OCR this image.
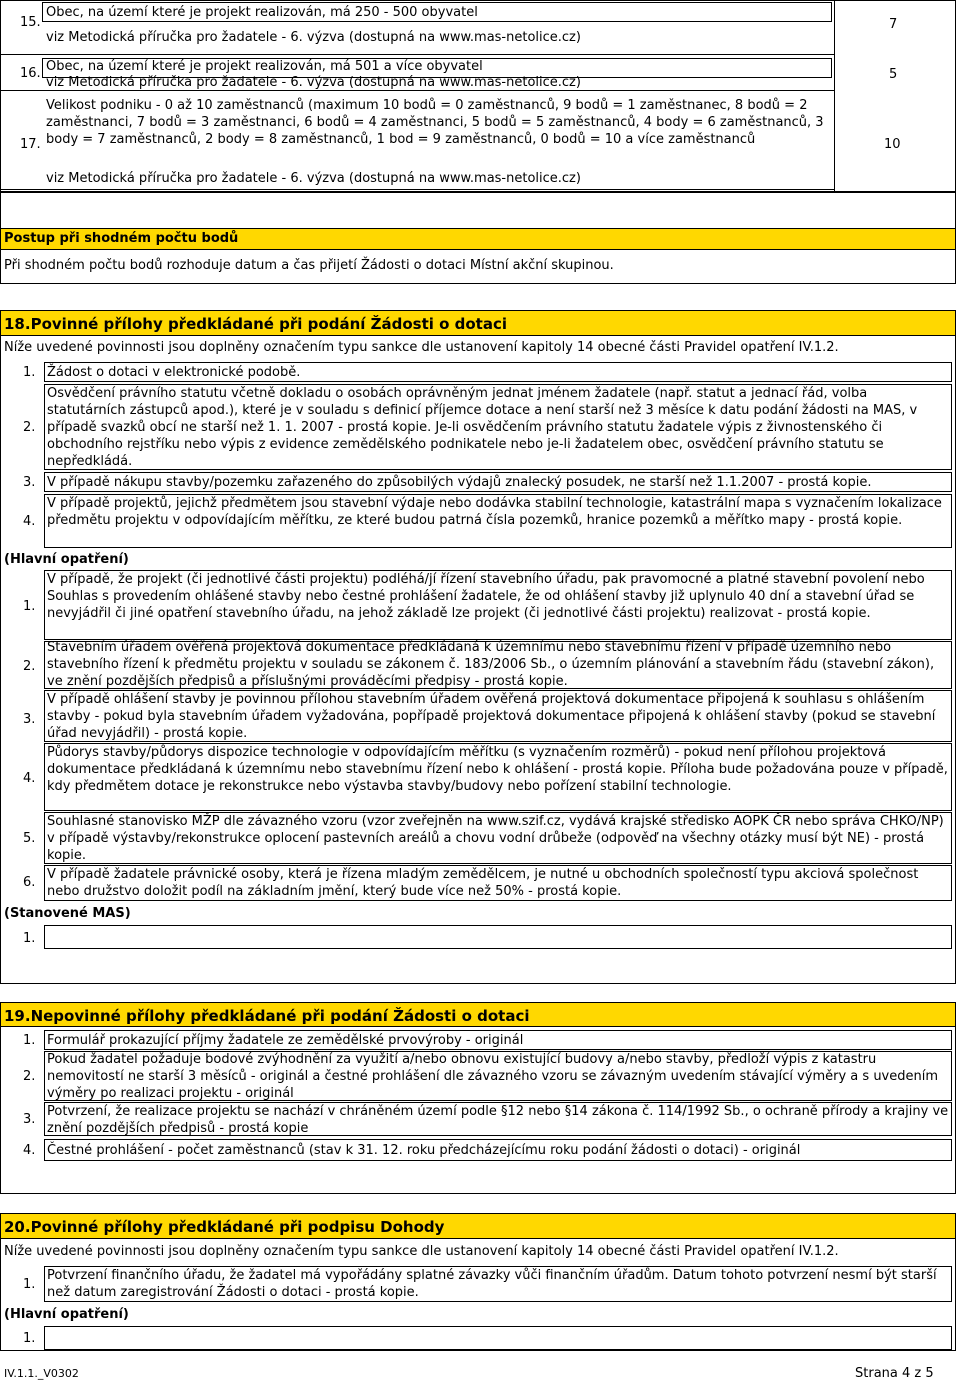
15.
Obec, na území které je projekt realizován, má 250 - 500 obyvatel
viz Metodická příručka pro žadatele - 6. výzva (dostupná na www.mas-netolice.cz)
7
16. Obec, na území které je projekt realizován, má 501 a více obyvatel
viz Metodická příručka pro žadatele - 6. výzva (dostupná na www.mas-netolice.cz)
5
17.
Velikost podniku - 0 až 10 zaměstnanců (maximum 10 bodů = 0 zaměstnanců, 9 bodů = 1 zaměstnanec, 8 bodů = 2 zaměstnanci, 7 bodů = 3 zaměstnanci, 6 bodů = 4 zaměstnanci, 5 bodů = 5 zaměstnanců, 4 body = 6 zaměstnanců, 3 body = 7 zaměstnanců, 2 body = 8 zaměstnanců, 1 bod = 9 zaměstnanců, 0 bodů = 10 a více zaměstnanců
viz Metodická příručka pro žadatele - 6. výzva (dostupná na www.mas-netolice.cz)
10
Postup při shodném počtu bodů
Při shodném počtu bodů rozhoduje datum a čas přijetí Žádosti o dotaci Místní akční skupinou.
18.Povinné přílohy předkládané při podání Žádosti o dotaci
Níže uvedené povinnosti jsou doplněny označením typu sankce dle ustanovení kapitoly 14 obecné části Pravidel opatření IV.1.2.
1. Žádost o dotaci v elektronické podobě.
2.
Osvědčení právního statutu včetně dokladu o osobách oprávněným jednat jménem žadatele (např. statut a jednací řád, volba statutárních zástupců apod.), které je v souladu s definicí příjemce dotace a není starší než 3 měsíce k datu podání žádosti na MAS, v případě svazků obcí ne starší než 1. 1. 2007 - prostá kopie. Je-li osvědčením právního statutu žadatele výpis z živnostenského či obchodního rejstříku nebo výpis z evidence zemědělského podnikatele nebo je-li žadatelem obec, osvědčení právního statutu se nepředkládá.
3. V případě nákupu stavby/pozemku zařazeného do způsobilých výdajů znalecký posudek, ne starší než 1.1.2007 - prostá kopie.
4.
V případě projektů, jejichž předmětem jsou stavební výdaje nebo dodávka stabilní technologie, katastrální mapa s vyznačením lokalizace předmětu projektu v odpovídajícím měřítku, ze které budou patrná čísla pozemků, hranice pozemků a měřítko mapy - prostá kopie.
(Hlavní opatření)
1.
V případě, že projekt (či jednotlivé části projektu) podléhá/jí řízení stavebního úřadu, pak pravomocné a platné stavební povolení nebo Souhlas s provedením ohlášené stavby nebo čestné prohlášení žadatele, že od ohlášení stavby již uplynulo 40 dní a stavební úřad se nevyjádřil či jiné opatření stavebního úřadu, na jehož základě lze projekt (či jednotlivé části projektu) realizovat - prostá kopie.
2.
Stavebním úřadem ověřená projektová dokumentace předkládaná k územnímu nebo stavebnímu řízení v případě územního nebo stavebního řízení k předmětu projektu v souladu se zákonem č. 183/2006 Sb., o územním plánování a stavebním řádu (stavební zákon), ve znění pozdějších předpisů a příslušnými prováděcími předpisy - prostá kopie.
3.
V případě ohlášení stavby je povinnou přílohou stavebním úřadem ověřená projektová dokumentace připojená k souhlasu s ohlášením stavby - pokud byla stavebním úřadem vyžadována, popřípadě projektová dokumentace připojená k ohlášení stavby (pokud se stavební úřad nevyjádřil) - prostá kopie.
4.
Půdorys stavby/půdorys dispozice technologie v odpovídajícím měřítku (s vyznačením rozměrů) - pokud není přílohou projektová dokumentace předkládaná k územnímu nebo stavebnímu řízení nebo k ohlášení - prostá kopie. Příloha bude požadována pouze v případě, kdy předmětem dotace je rekonstrukce nebo výstavba stavby/budovy nebo pořízení stabilní technologie.
5.
Souhlasné stanovisko MŽP dle závazného vzoru (vzor zveřejněn na www.szif.cz, vydává krajské středisko AOPK ČR nebo správa CHKO/NP) v případě výstavby/rekonstrukce oplocení pastevních areálů a chovu vodní drůbeže (odpověď na všechny otázky musí být NE) - prostá kopie.
6.
V případě žadatele právnické osoby, která je řízena mladým zemědělcem, je nutné u obchodních společností typu akciová společnost nebo družstvo doložit podíl na základním jmění, který bude více než 50% - prostá kopie.
(Stanovené MAS)
1.
19.Nepovinné přílohy předkládané při podání Žádosti o dotaci
1. Formulář prokazující příjmy žadatele ze zemědělské prvovýroby - originál
2.
Pokud žadatel požaduje bodové zvýhodnění za využití a/nebo obnovu existující budovy a/nebo stavby, předloží výpis z katastru nemovitostí ne starší 3 měsíců - originál a čestné prohlášení dle závazného vzoru se závazným uvedením stávající výměry a s uvedením výměry po realizaci projektu - originál
3.
Potvrzení, že realizace projektu se nachází v chráněném území podle §12 nebo §14 zákona č. 114/1992 Sb., o ochraně přírody a krajiny ve znění pozdějších předpisů - prostá kopie
4. Čestné prohlášení - počet zaměstnanců (stav k 31. 12. roku předcházejícímu roku podání žádosti o dotaci) - originál
20.Povinné přílohy předkládané při podpisu Dohody
Níže uvedené povinnosti jsou doplněny označením typu sankce dle ustanovení kapitoly 14 obecné části Pravidel opatření IV.1.2.
1.
Potvrzení finančního úřadu, že žadatel má vypořádány splatné závazky vůči finančním úřadům. Datum tohoto potvrzení nesmí být starší než datum zaregistrování Žádosti o dotaci - prostá kopie.
(Hlavní opatření)
1.
IV.1.1._V0302	Strana 4 z 5
